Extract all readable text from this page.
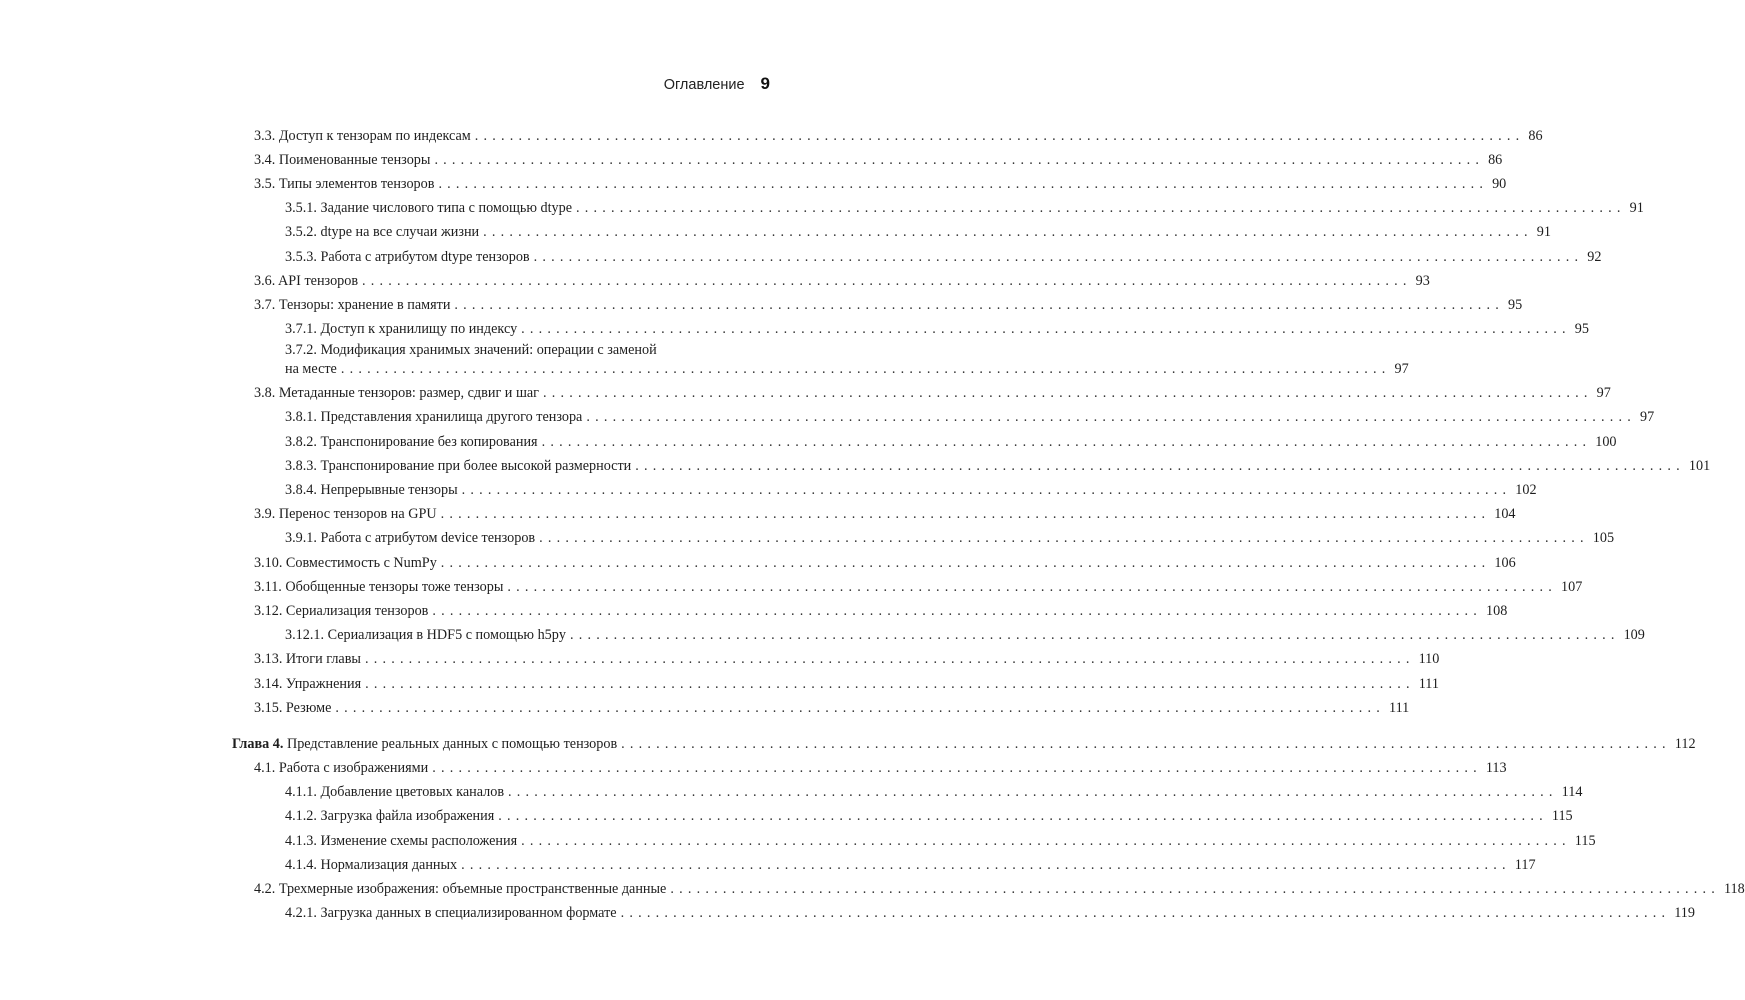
Оглавление 9
3.3. Доступ к тензорам по индексам ........................................................................................................................ 86
3.4. Поименованные тензоры ........................................................................................................................ 86
3.5. Типы элементов тензоров ........................................................................................................................ 90
3.5.1. Задание числового типа с помощью dtype ........................................................................................................................ 91
3.5.2. dtype на все случаи жизни ........................................................................................................................ 91
3.5.3. Работа с атрибутом dtype тензоров ........................................................................................................................ 92
3.6. API тензоров ........................................................................................................................ 93
3.7. Тензоры: хранение в памяти ........................................................................................................................ 95
3.7.1. Доступ к хранилищу по индексу ........................................................................................................................ 95
3.7.2. Модификация хранимых значений: операции с заменой
на месте ........................................................................................................................ 97
3.8. Метаданные тензоров: размер, сдвиг и шаг ........................................................................................................................ 97
3.8.1. Представления хранилища другого тензора ........................................................................................................................ 97
3.8.2. Транспонирование без копирования ........................................................................................................................ 100
3.8.3. Транспонирование при более высокой размерности ........................................................................................................................ 101
3.8.4. Непрерывные тензоры ........................................................................................................................ 102
3.9. Перенос тензоров на GPU ........................................................................................................................ 104
3.9.1. Работа с атрибутом device тензоров ........................................................................................................................ 105
3.10. Совместимость с NumPy ........................................................................................................................ 106
3.11. Обобщенные тензоры тоже тензоры ........................................................................................................................ 107
3.12. Сериализация тензоров ........................................................................................................................ 108
3.12.1. Сериализация в HDF5 с помощью h5py ........................................................................................................................ 109
3.13. Итоги главы ........................................................................................................................ 110
3.14. Упражнения ........................................................................................................................ 111
3.15. Резюме ........................................................................................................................ 111
Глава 4. Представление реальных данных с помощью тензоров ........................................................................................................................ 112
4.1. Работа с изображениями ........................................................................................................................ 113
4.1.1. Добавление цветовых каналов ........................................................................................................................ 114
4.1.2. Загрузка файла изображения ........................................................................................................................ 115
4.1.3. Изменение схемы расположения ........................................................................................................................ 115
4.1.4. Нормализация данных ........................................................................................................................ 117
4.2. Трехмерные изображения: объемные пространственные данные ........................................................................................................................ 118
4.2.1. Загрузка данных в специализированном формате ........................................................................................................................ 119
